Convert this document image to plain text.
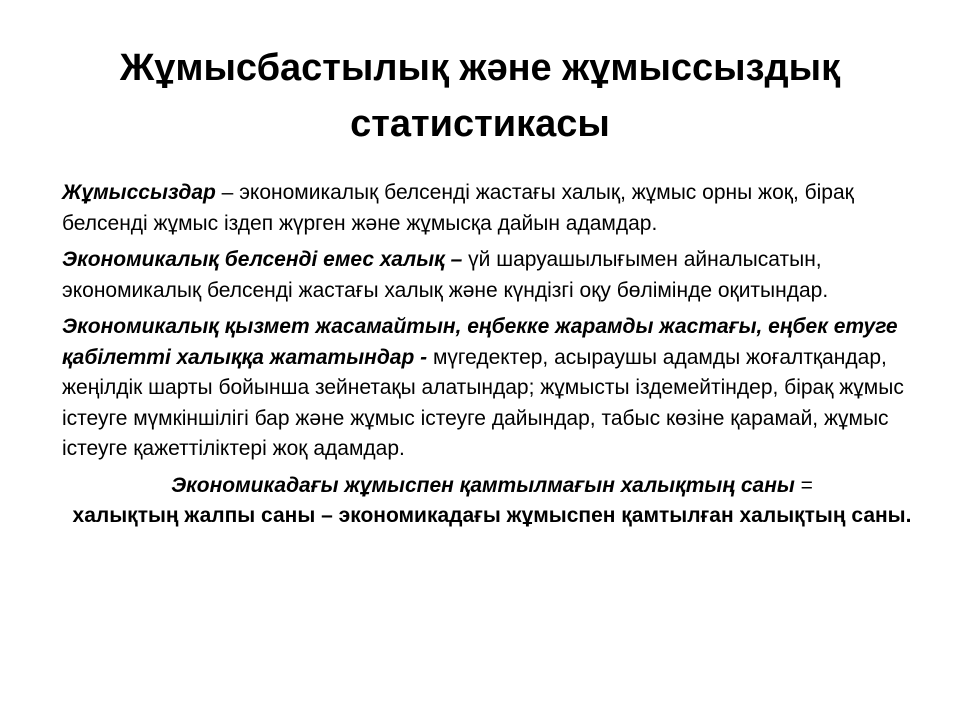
Жұмысбастылық және жұмыссыздық
статистикасы

Жұмыссыздар – экономикалық белсенді жастағы халық, жұмыс орны жоқ, бірақ белсенді жұмыс іздеп жүрген және жұмысқа дайын адамдар.

Экономикалық белсенді емес халық – үй шаруашылығымен айналысатын, экономикалық белсенді жастағы халық және күндізгі оқу бөлімінде оқитындар.

Экономикалық қызмет жасамайтын, еңбекке жарамды жастағы, еңбек етуге қабілетті халыққа жататындар - мүгедектер, асыраушы адамды жоғалтқандар, жеңілдік шарты бойынша зейнетақы алатындар; жұмысты іздемейтіндер, бірақ жұмыс істеуге мүмкіншілігі бар және жұмыс істеуге дайындар, табыс көзіне қарамай, жұмыс істеуге қажеттіліктері жоқ адамдар.

Экономикадағы жұмыспен қамтылмағын халықтың саны =
халықтың жалпы саны – экономикадағы жұмыспен қамтылған халықтың саны.
